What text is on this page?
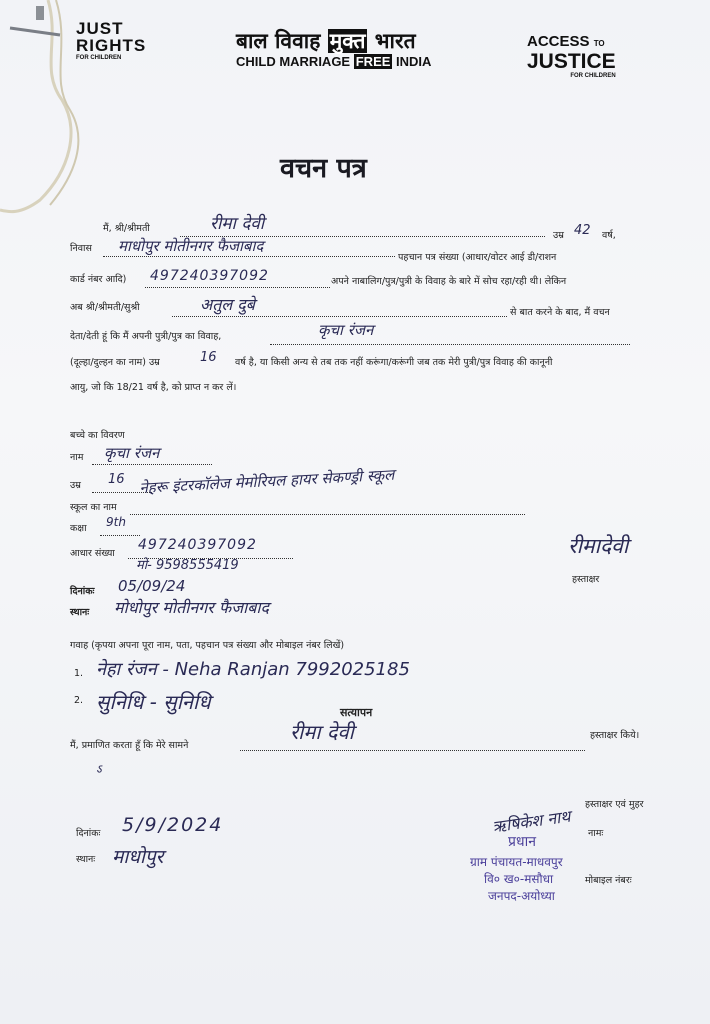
JUST
RIGHTS
FOR CHILDREN
बाल विवाह मुक्त भारत
CHILD MARRIAGE FREE INDIA
ACCESS TO
JUSTICE
FOR CHILDREN
वचन पत्र
मैं, श्री/श्रीमती	रीमा देवी
उम्र 42 वर्ष,
निवास माधोपुर मोतीनगर फैजाबाद
पहचान पत्र संख्या (आधार/वोटर आई डी/राशन
कार्ड नंबर आदि) 497240397092	अपने नाबालिग/पुत्र/पुत्री के विवाह के बारे में सोच रहा/रही थी। लेकिन
अब श्री/श्रीमती/सुश्री	अतुल दुबे	से बात करने के बाद, मैं वचन
देता/देती हूं कि मैं अपनी पुत्री/पुत्र का विवाह,	कृचा रंजन
(दूल्हा/दुल्हन का नाम) उम्र	16 वर्ष है, या किसी अन्य से तब तक नहीं करूंगा/करूंगी जब तक मेरी पुत्री/पुत्र विवाह की कानूनी
आयु, जो कि 18/21 वर्ष है, को प्राप्त न कर लें।
बच्चे का विवरण
नाम कृचा रंजन
उम्र 16
स्कूल का नाम
नेहरू इंटरकॉलेज मेमोरियल हायर सेकण्ड्री स्कूल
कक्षा 9th
आधार संख्या
497240397092
मो- 9598555419
रीमादेवी
हस्ताक्षर
दिनांकः 05/09/24
स्थानः मोधोपुर मोतीनगर फैजाबाद
गवाह (कृपया अपना पूरा नाम, पता, पहचान पत्र संख्या और मोबाइल नंबर लिखें)
1. नेहा रंजन - Neha Ranjan 7992025185
2. सुनिधि - सुनिधि	सत्यापन
मैं, प्रमाणित करता हूँ कि मेरे सामने
रीमा देवी	हस्ताक्षर किये।
ऽ
हस्ताक्षर एवं मुहर
दिनांकः 5/9/2024
स्थानः माधोपुर
ऋषिकेश नाथ नामः
प्रधान
ग्राम पंचायत-माधवपुर
वि० ख०-मसौधा	मोबाइल नंबरः
जनपद-अयोध्या
